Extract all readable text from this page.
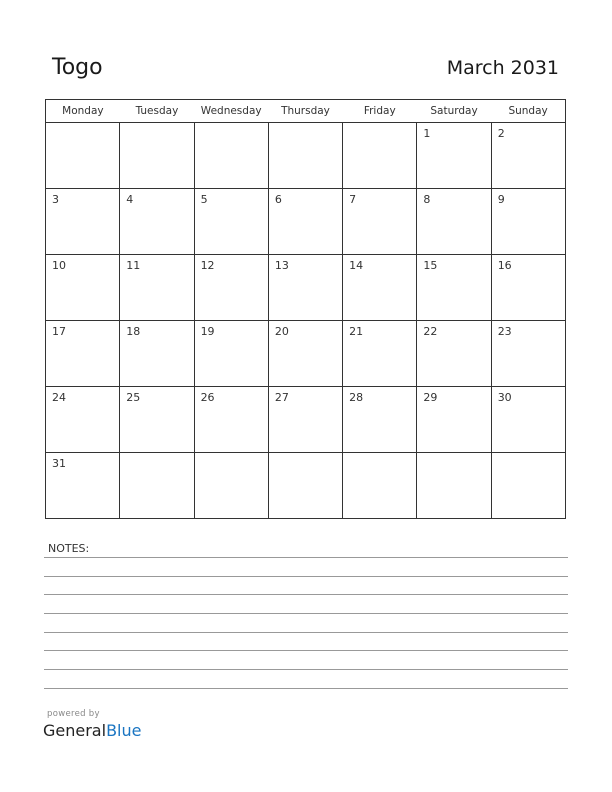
Togo	March 2031
Monday	Tuesday	Wednesday	Thursday	Friday	Saturday	Sunday

					1	2

3	4	5	6	7	8	9

10	11	12	13	14	15	16

17	18	19	20	21	22	23

24	25	26	27	28	29	30

31						

NOTES:
powered by
GeneralBlue
